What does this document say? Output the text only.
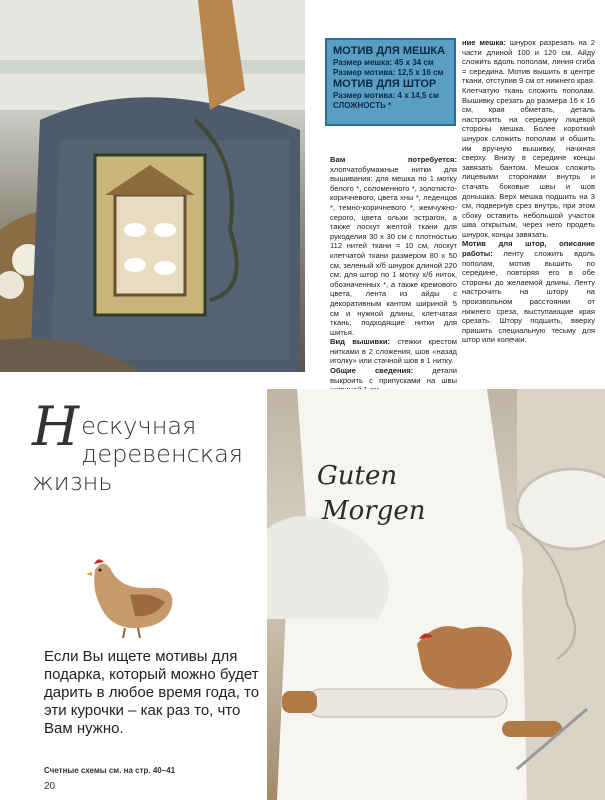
МОТИВ ДЛЯ МЕШКА
Размер мешка: 45 х 34 см
Размер мотива: 12,5 х 16 см
МОТИВ ДЛЯ ШТОР
Размер мотива: 4 х 14,5 см
СЛОЖНОСТЬ *
Вам потребуется: хлопчатобумажные нитки для вышивания: для мешка по 1 мотку белого *, соломенного *, золотисто-коричневого, цвета хны *, леденцов *, темно-коричневого *, жемчужно-серого, цвета ольхи эстрагон, а также лоскут желтой ткани для рукоделия 30 х 30 см с плотностью 112 нитей ткани = 10 см, лоскут клетчатой ткани размером 80 х 50 см, зеленый х/б шнурок длиной 220 см; для штор по 1 мотку х/б ниток, обозначенных *, а также кремового цвета, лента из айды с декоративным кантом шириной 5 см и нужной длины, клетчатая ткань; подходящие нитки для шитья.
Вид вышивки: стежки крестом нитками в 2 сложения, шов «назад иголку» или стачной шов в 1 нитку.
Общие сведения:	детали выкроить с припусками на швы

ние мешка: шнурок разрезать на 2 части длиной 100 и 120 см. Айду сложить вдоль пополам, линия сгиба = середина. Мотив вышить в центре ткани, отступив 9 см от нижнего края. Клетчатую ткань сложить пополам. Вышивку срезать до размера 16 х 16 см, края обметать, деталь настрочить на середину лицевой стороны мешка. Более короткий шнурок сложить пополам и обшить им вручную вышивку, начиная сверху. Внизу в середине концы завязать бантом. Мешок сложить лицевыми сторонами внутрь и стачать боковые швы и шов донышка. Верх мешка подшить на 3 см, подвернув срез внутрь, при этом сбоку оставить небольшой участок шва открытым, через него продеть шнурок, концы завязать.
Мотив для штор, описание работы: ленту сложить вдоль пополам, мотив вышить по середине, повторяя его в обе стороны до желаемой длины. Ленту настрочить на штору на произвольном расстоянии от нижнего среза, выступающие края срезать. Штору подшить, вверху пришить специальную тесьму для штор или колечки.
Н ескучная
деревенская
жизнь
Если Вы ищете мотивы для подарка, который можно будет дарить в любое время года, то эти курочки – как раз то, что Вам нужно.
Счетные схемы см. на стр. 40–41
20
Guten
Morgen
